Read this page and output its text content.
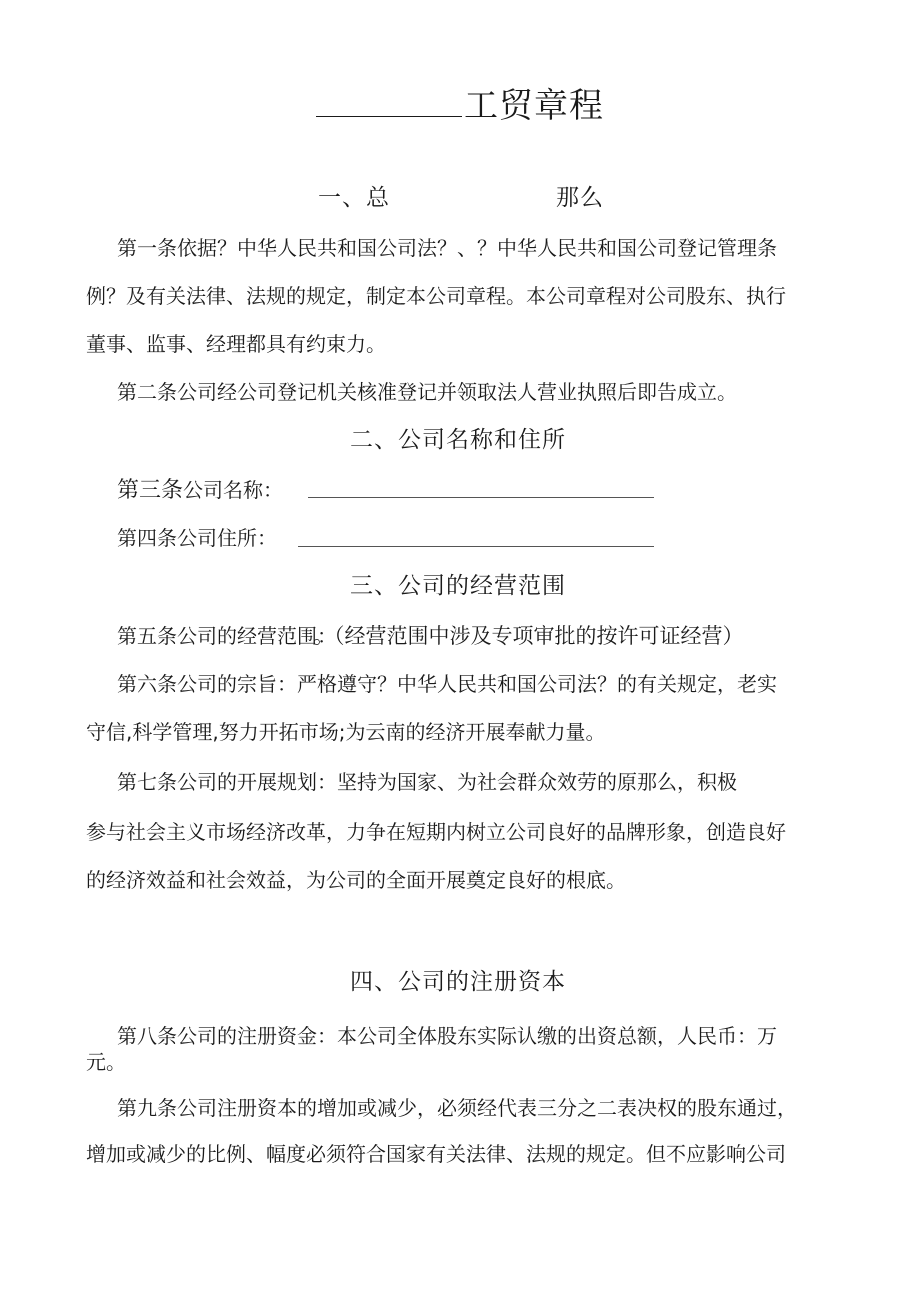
工贸章程
一、总	那么
第一条依据？中华人民共和国公司法？、？中华人民共和国公司登记管理条
例？及有关法律、法规的规定，制定本公司章程。本公司章程对公司股东、执行
董事、监事、经理都具有约束力。
第二条公司经公司登记机关核准登记并领取法人营业执照后即告成立。
二、公司名称和住所
第三条公司名称：
第四条公司住所：
三、公司的经营范围
第五条公司的经营范围：。（经营范围中涉及专项审批的按许可证经营）
第六条公司的宗旨：严格遵守？中华人民共和国公司法？的有关规定，老实
守信,科学管理,努力开拓市场;为云南的经济开展奉献力量。
第七条公司的开展规划：坚持为国家、为社会群众效劳的原那么，积极
参与社会主义市场经济改革，力争在短期内树立公司良好的品牌形象，创造良好
的经济效益和社会效益，为公司的全面开展奠定良好的根底。
四、公司的注册资本
第八条公司的注册资金：本公司全体股东实际认缴的出资总额，人民币：万
元。
第九条公司注册资本的增加或减少，必须经代表三分之二表决权的股东通过，
增加或减少的比例、幅度必须符合国家有关法律、法规的规定。但不应影响公司
